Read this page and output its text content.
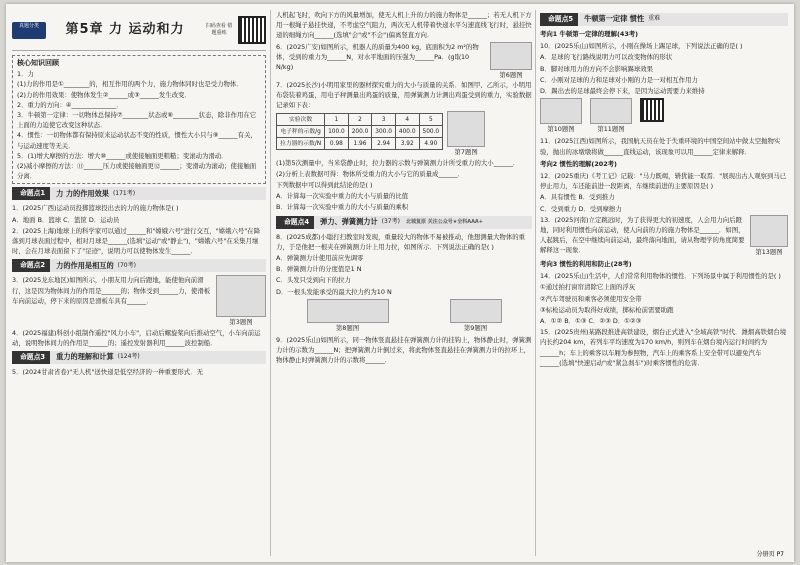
真题分类	第5章 力 运动和力	扫码查看 错题重练
核心知识回顾

1．力

(1)力的作用是①________的，相互作用的两个力，施力物体同时也是受力物体．

(2)力的作用效果：使物体发生②______或③______发生改变．

2．重力的方向：④______________．

3．牛顿第一定律：一切物体总保持⑦________状态或⑧________状态，除非作用在它上面的力迫使它改变这种状态．

4．惯性：一切物体都有保持原来运动状态不变的性质，惯性大小只与⑨______有关，与运动速度等无关．

5．(1)增大摩擦的方法：增大⑩______或使接触面更粗糙；变滚动为滑动．

(2)减小摩擦的方法：⑪______压力或使接触面更⑫______；变滑动为滚动；使接触面分离．

命题点1	力 力的作用效果 (171考)

1．(2025广西)运动员投掷篮球投出去的力的施力物体是( )

A．地面 B．篮球 C．篮筐 D．运动员

2．(2025上海)地球上的科学家可以通过______和"嫦娥六号"进行交互，"嫦娥六号"在降落到月球表面过程中，相对月球是______(选填"运动"或"静止")，"嫦娥六号"在采集月壤时，会在月球表面留下了"足迹"，说明力可以使物体发生______．

命题点2	力的作用是相互的 (70考)

3．(2025龙东地区)如图所示，小朋友用力向后蹬地，能使他向前滑行，这是因为物体间力的作用是______的；物体受到______力，使滑板车向前运动，停下来的原因是滑板车具有______．

第3题图

4．(2025福建)科创小组制作遥控"风力小车"，启动后螺旋桨向后推动空气，小车向前运动，说明物体间力的作用是______的；遥控发射器利用______波控制船．

命题点3	重力的理解和计算 (124考)

5．(2024甘肃省卷)"无人机"送快递是低空经济的一种重要形式．无

人机起飞时，吹向下方的风量增加，使无人机上升的力的施力物体是______；若无人机下方用一根绳子悬挂快递，不考虑空气阻力，两次无人机带着快递水平匀速直线飞行时，悬挂快递的细绳方向______(选填"会"或"不会")偏离竖直方向．

6．(2025广安)如图所示，机器人的质量为400 kg，底面积为2 m²的物体，受到的重力为______N，对水平地面的压强为______Pa．(g取10 N/kg)

第6题图

7．(2025长沙)小明用家里的器材探究重力的大小与质量的关系．如图甲、乙所示，小明用布袋装着鸡蛋，用电子秤测量出鸡蛋的质量，用弹簧测力计测出鸡蛋受到的重力，实验数据记录如下表：

实验次数	1	2	3	4	5
电子秤的示数/g	100.0	200.0	300.0	400.0	500.0
拉力器的示数/N	0.98	1.96	2.94	3.92	4.90
第7题图

(1)第5次测量中，当米袋静止时，拉力器的示数与弹簧测力计所受重力的大小______．

(2)分析上表数据可得：物体所受重力的大小与它的质量成______．

下列数据中可以得到此结论的是( )

A．计算每一次实验中重力的大小与质量的比值

B．计算每一次实验中重力的大小与质量的乘积

命题点4	弹力、弹簧测力计 (37考) 北城复原 关注公众号★全科AAA+

8．(2025成都)小聪打扫教室时发现，重量较大的物体不易被推动，他想测量大物体的重力，于是他把一根夹在弹簧测力计上用力拉，如图所示．下列说法正确的是( )

A．弹簧测力计使用前应先调零

B．弹簧测力计的分度值是1 N

C．头发只受到向下的拉力

D．一根头发能承受的最大拉力约为10 N

第8题图	第9题图

9．(2025乐山)如图所示，同一物体竖直悬挂在弹簧测力计的挂钩上，物体静止时，弹簧测力计的示数为______N；把弹簧测力计倒过来，将此物体竖直悬挂在弹簧测力计的拉环上，物体静止时弹簧测力计的示数将______．

命题点5	牛顿第一定律 惯性 重难

考向1 牛顿第一定律的理解(43考)

10．(2025乐山)如图所示，小刚在操场上踢足球，下列说法正确的是( )

A．足球的飞行路线说明力可以改变物体的形状

B．脚对球用力的方向不会影响踢球效果

C．小刚对足球的力和足球对小刚的力是一对相互作用力

D．踢出去的足球最终会停下来，是因为运动需要力来维持

第10题图	第11题图

11．(2025江西)如图所示，我国航天员在处于失重环境的中国空间站中做太空抛物实验，抛出的冰墩墩将做______直线运动，该现象可以用______定律来解释．

考向2 惯性的理解(202考)

12．(2025重庆)《考工记》记载："马力既竭，辀犹能一取焉．"展现出古人观察到马已停止用力，车还能前进一段距离，车继续前进的主要原因是( )

A．具有惯性 B．受到推力

C．受到重力 D．受到摩擦力

13．(2025河南)立定跳远时，为了获得更大的初速度，人会用力向后蹬地，同时利用惯性向前运动，使人向前的力的施力物体是______．如图，人起跳后，在空中继续向前运动，最终落向地面，请从物理学的角度简要解释这一现象．	第13题图

考向3 惯性的利用和防止(28考)

14．(2025乐山)生活中，人们常常利用物体的惯性．下列场景中属于利用惯性的是( )

①通过拍打窗帘清除它上面的浮灰

②汽车驾驶员和乘客必须使用安全带

③标枪运动员为取得好成绩，掷标枪前需要助跑

A．①② B．①③ C．②③ D．①②③

15．(2025贵州)某路段推进高铁建设，烟台正式进入"全域高铁"时代．潍烟高铁烟台境内长约204 km，若列车平均速度为170 km/h，则列车在烟台境内运行时间约为______h；车上的乘客以车厢为参照物，汽车上的乘客系上安全带可以避免汽车______(选填"快速启动"或"紧急刹车")时乘客惯性的危害．

分册页 P7
